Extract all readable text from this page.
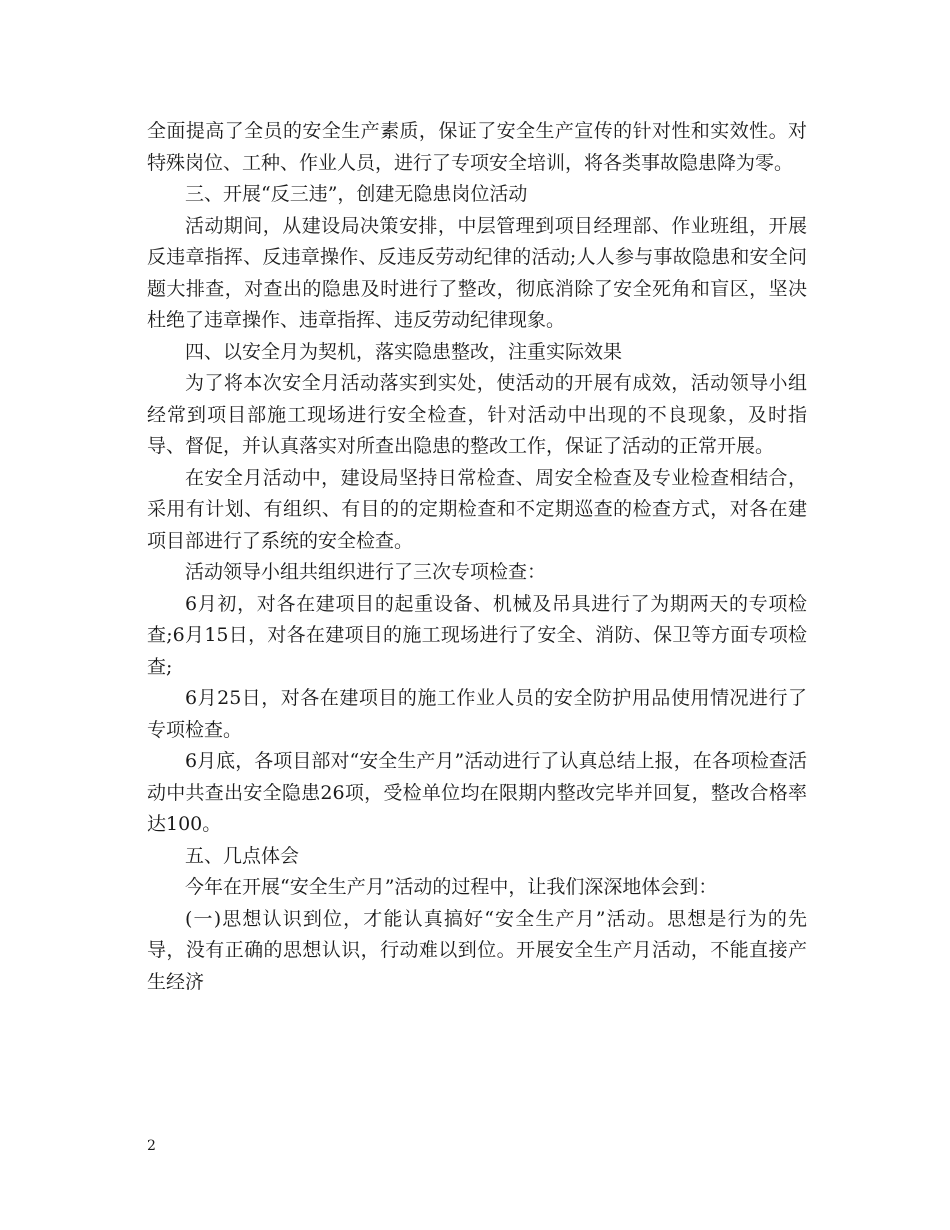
全面提高了全员的安全生产素质，保证了安全生产宣传的针对性和实效性。对特殊岗位、工种、作业人员，进行了专项安全培训，将各类事故隐患降为零。

三、开展“反三违”，创建无隐患岗位活动

活动期间，从建设局决策安排，中层管理到项目经理部、作业班组，开展反违章指挥、反违章操作、反违反劳动纪律的活动;人人参与事故隐患和安全问题大排查，对查出的隐患及时进行了整改，彻底消除了安全死角和盲区，坚决杜绝了违章操作、违章指挥、违反劳动纪律现象。

四、以安全月为契机，落实隐患整改，注重实际效果

为了将本次安全月活动落实到实处，使活动的开展有成效，活动领导小组经常到项目部施工现场进行安全检查，针对活动中出现的不良现象，及时指导、督促，并认真落实对所查出隐患的整改工作，保证了活动的正常开展。

在安全月活动中，建设局坚持日常检查、周安全检查及专业检查相结合，采用有计划、有组织、有目的的定期检查和不定期巡查的检查方式，对各在建项目部进行了系统的安全检查。

活动领导小组共组织进行了三次专项检查：

6月初，对各在建项目的起重设备、机械及吊具进行了为期两天的专项检查;6月15日，对各在建项目的施工现场进行了安全、消防、保卫等方面专项检查;

6月25日，对各在建项目的施工作业人员的安全防护用品使用情况进行了专项检查。

6月底，各项目部对“安全生产月”活动进行了认真总结上报，在各项检查活动中共查出安全隐患26项，受检单位均在限期内整改完毕并回复，整改合格率达100。

五、几点体会

今年在开展“安全生产月”活动的过程中，让我们深深地体会到：

(一)思想认识到位，才能认真搞好“安全生产月”活动。思想是行为的先导，没有正确的思想认识，行动难以到位。开展安全生产月活动，不能直接产生经济

2
